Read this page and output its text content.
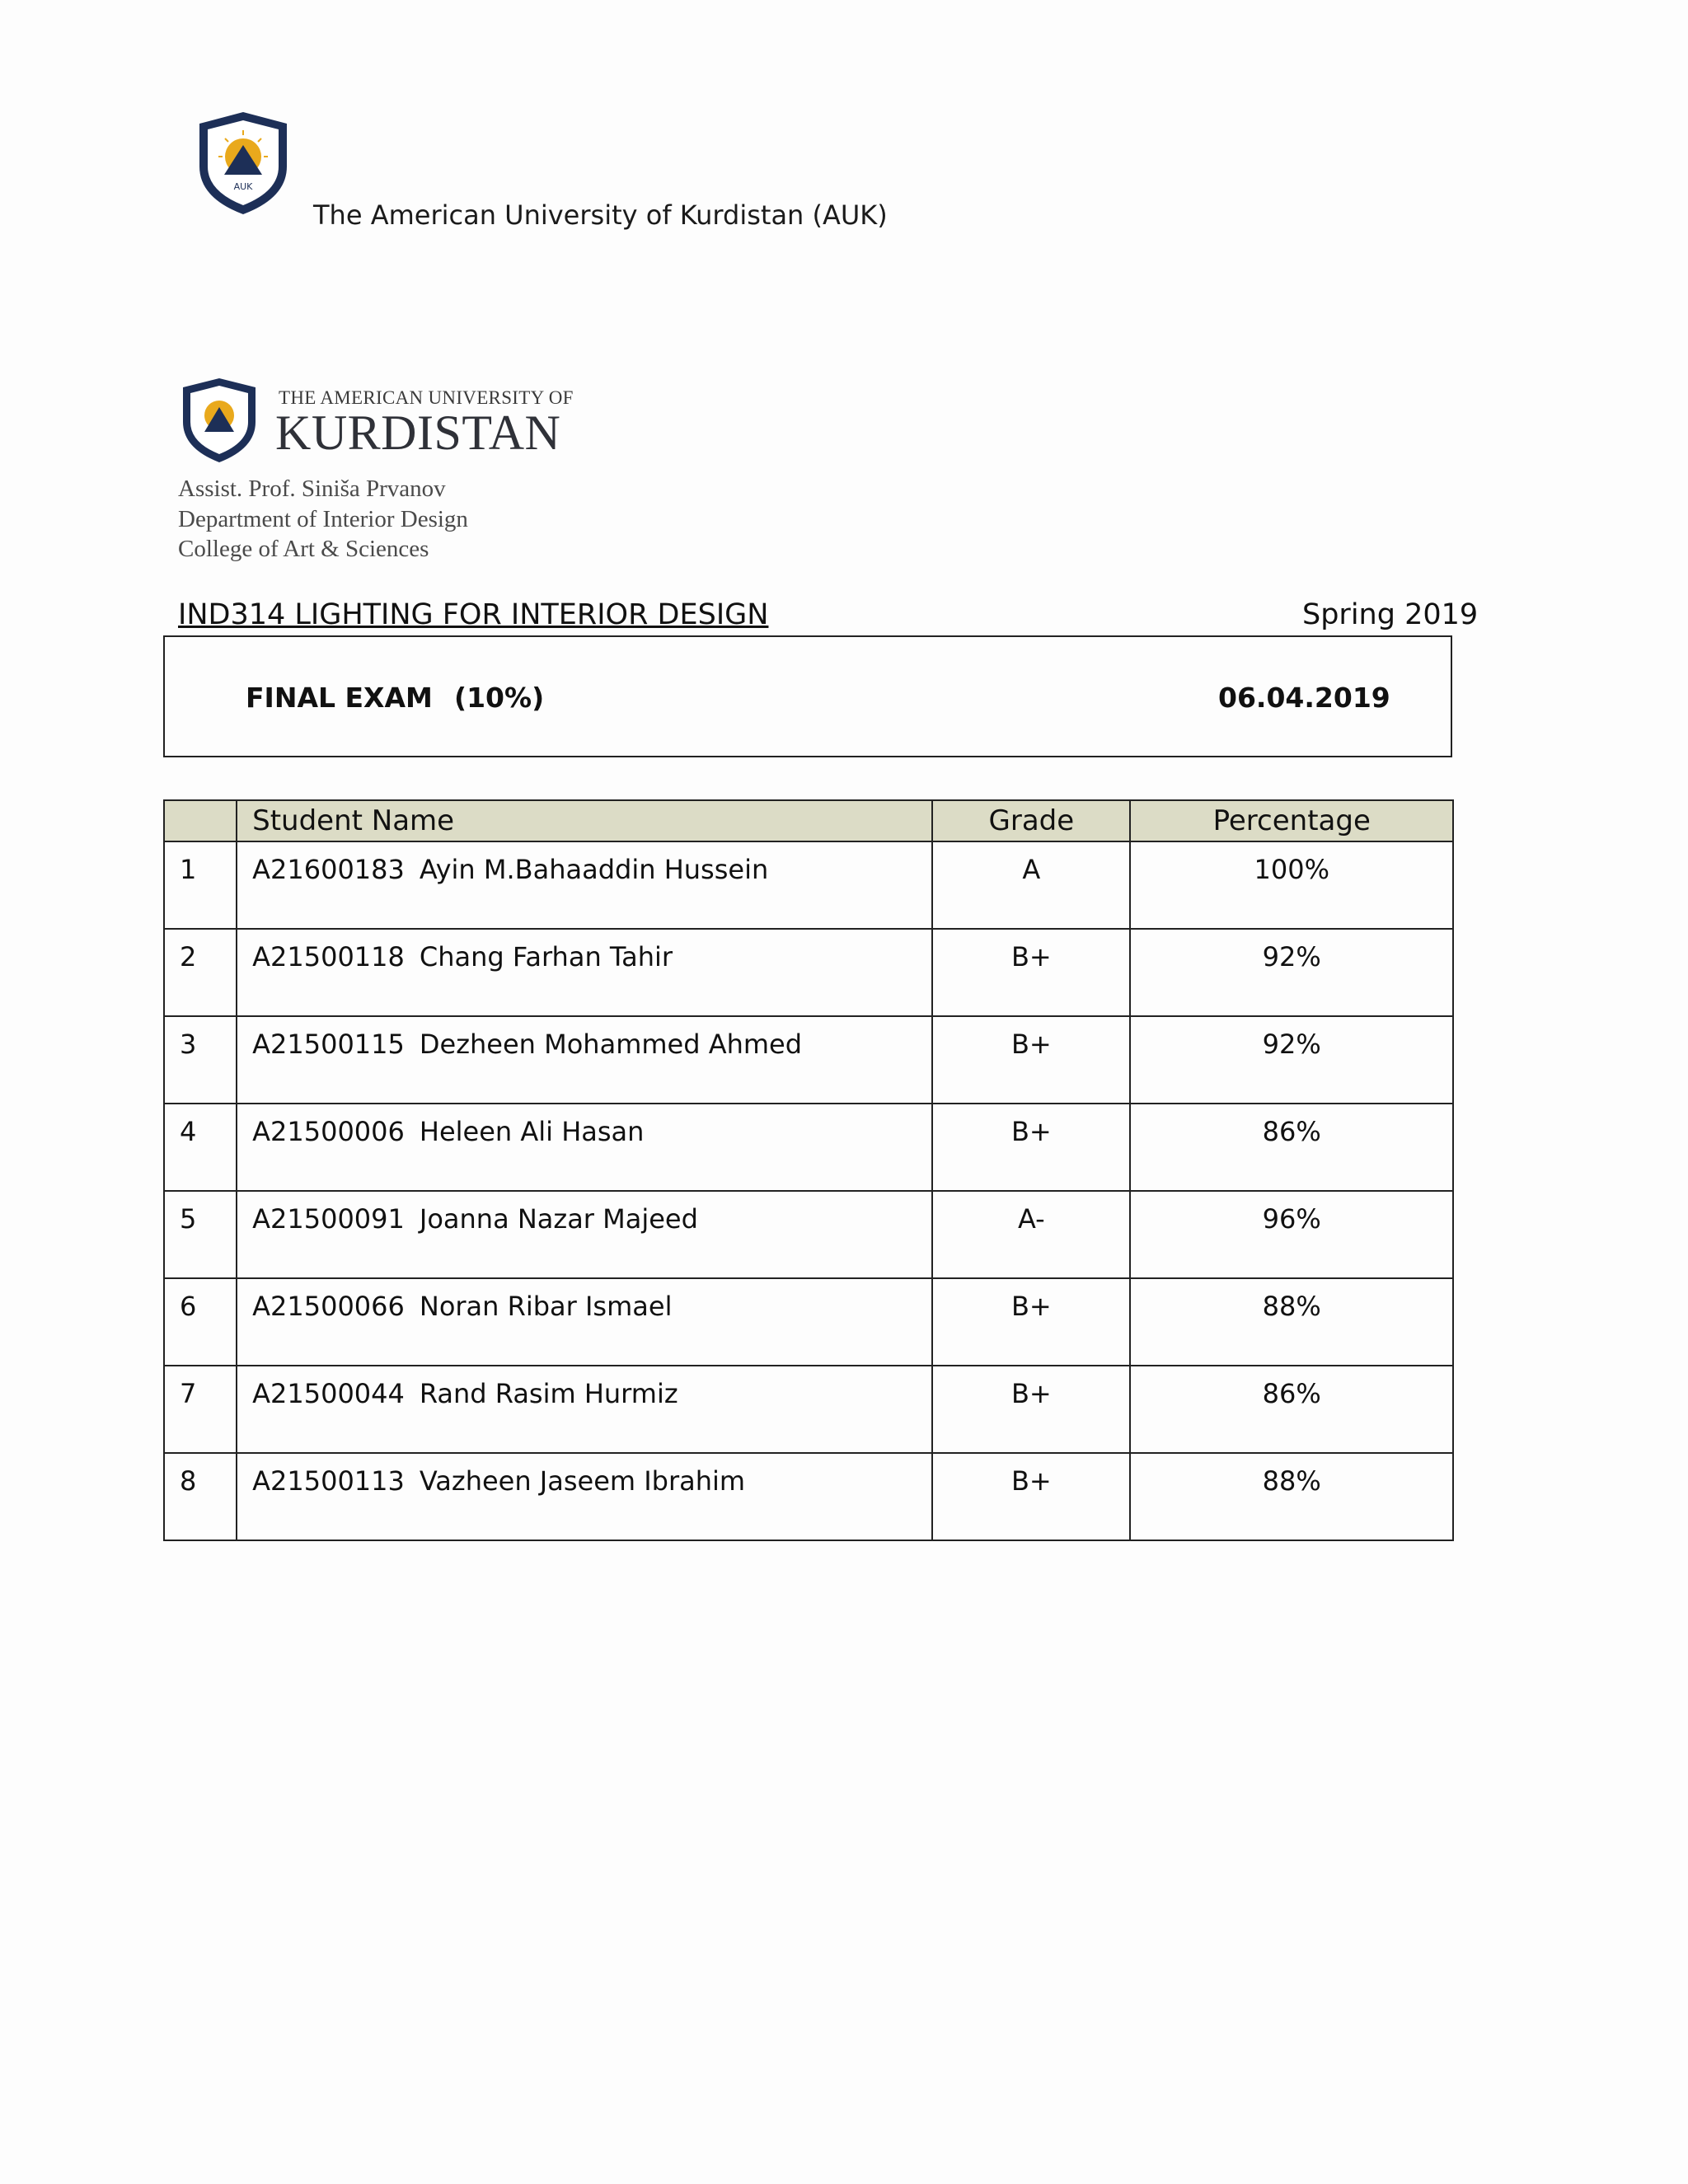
AUK
The American University of Kurdistan (AUK)
THE AMERICAN UNIVERSITY OF
KURDISTAN
Assist. Prof. Siniša Prvanov
Department of Interior Design
College of Art & Sciences
IND314 LIGHTING FOR INTERIOR DESIGN	Spring 2019
FINAL EXAM (10%)	06.04.2019
	Student Name	Grade	Percentage
1	A21600183 Ayin M.Bahaaddin Hussein	A	100%
2	A21500118 Chang Farhan Tahir	B+	92%
3	A21500115 Dezheen Mohammed Ahmed	B+	92%
4	A21500006 Heleen Ali Hasan	B+	86%
5	A21500091 Joanna Nazar Majeed	A-	96%
6	A21500066 Noran Ribar Ismael	B+	88%
7	A21500044 Rand Rasim Hurmiz	B+	86%
8	A21500113 Vazheen Jaseem Ibrahim	B+	88%
